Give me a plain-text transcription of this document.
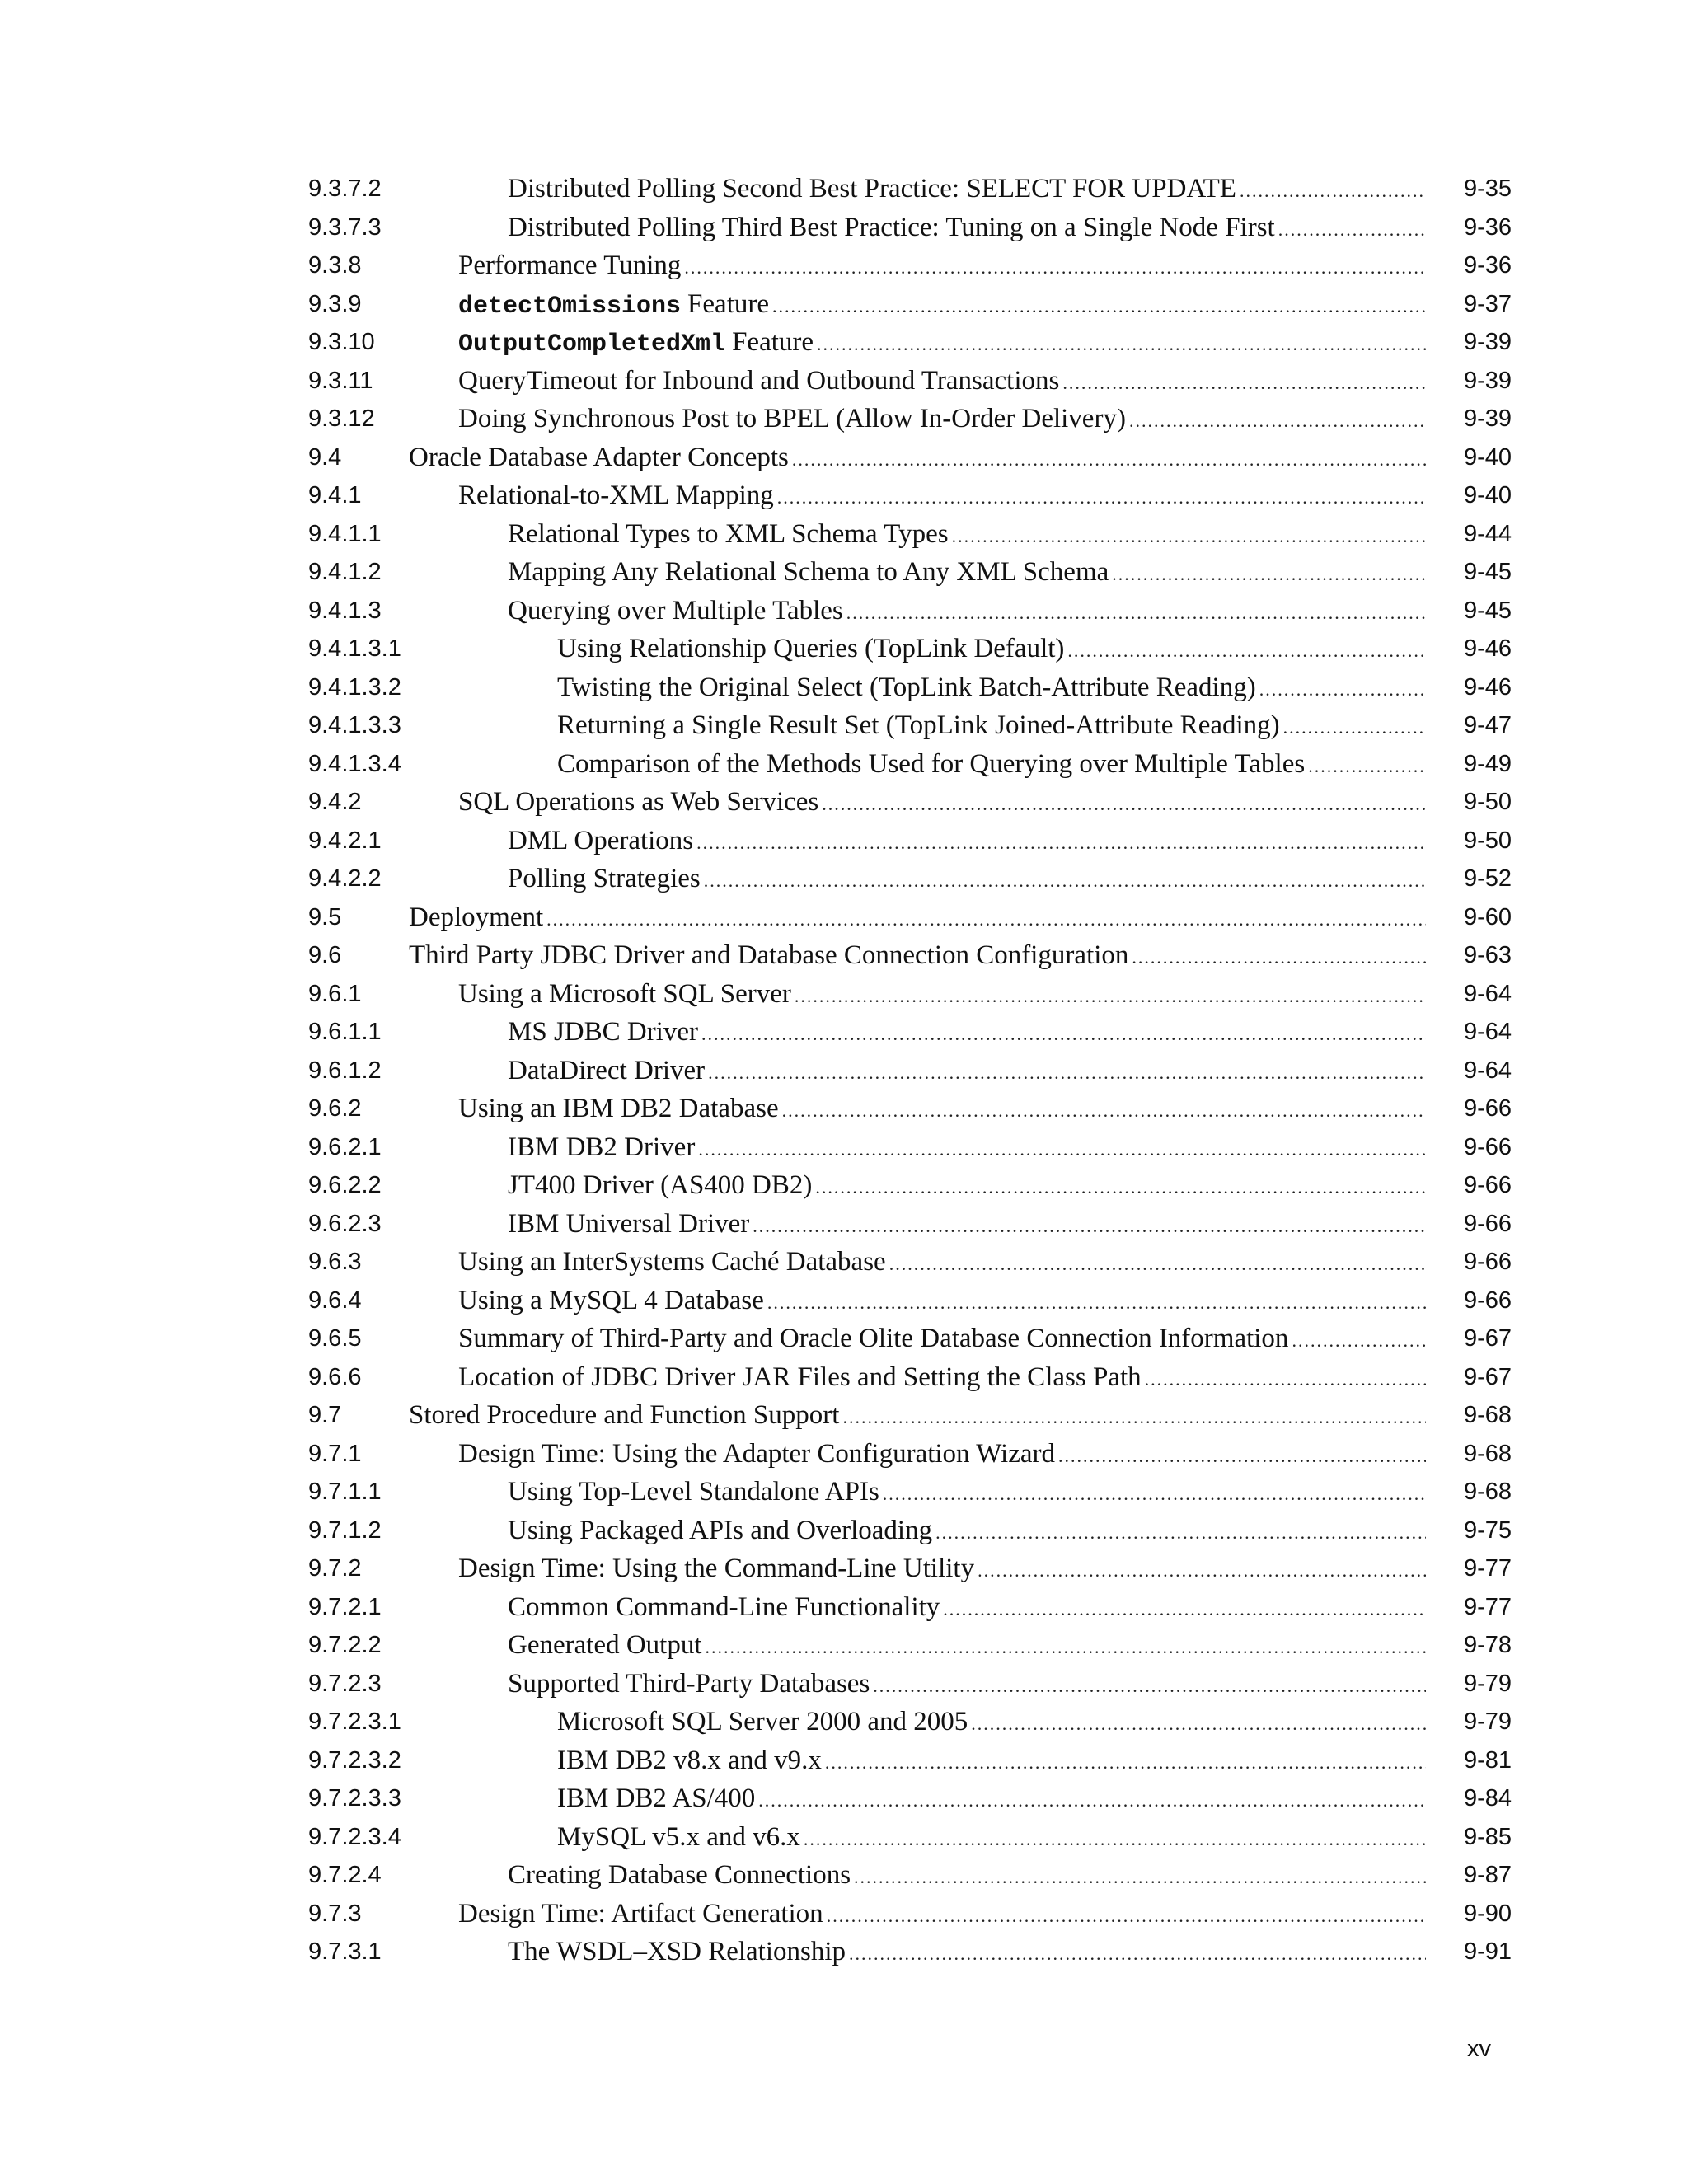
9.3.7.2	Distributed Polling Second Best Practice: SELECT FOR UPDATE .....	9-35
9.3.7.3	Distributed Polling Third Best Practice: Tuning on a Single Node First .....	9-36
9.3.8	Performance Tuning .....	9-36
9.3.9	detectOmissions Feature .....	9-37
9.3.10	OutputCompletedXml Feature .....	9-39
9.3.11	QueryTimeout for Inbound and Outbound Transactions .....	9-39
9.3.12	Doing Synchronous Post to BPEL (Allow In-Order Delivery) .....	9-39
9.4 Oracle Database Adapter Concepts .....	9-40
9.4.1	Relational-to-XML Mapping .....	9-40
9.4.1.1	Relational Types to XML Schema Types .....	9-44
9.4.1.2	Mapping Any Relational Schema to Any XML Schema .....	9-45
9.4.1.3	Querying over Multiple Tables .....	9-45
9.4.1.3.1	Using Relationship Queries (TopLink Default) .....	9-46
9.4.1.3.2	Twisting the Original Select (TopLink Batch-Attribute Reading) .....	9-46
9.4.1.3.3	Returning a Single Result Set (TopLink Joined-Attribute Reading) .....	9-47
9.4.1.3.4	Comparison of the Methods Used for Querying over Multiple Tables .....	9-49
9.4.2	SQL Operations as Web Services .....	9-50
9.4.2.1	DML Operations .....	9-50
9.4.2.2	Polling Strategies .....	9-52
9.5 Deployment .....	9-60
9.6 Third Party JDBC Driver and Database Connection Configuration .....	9-63
9.6.1	Using a Microsoft SQL Server .....	9-64
9.6.1.1	MS JDBC Driver .....	9-64
9.6.1.2	DataDirect Driver .....	9-64
9.6.2	Using an IBM DB2 Database .....	9-66
9.6.2.1	IBM DB2 Driver .....	9-66
9.6.2.2	JT400 Driver (AS400 DB2) .....	9-66
9.6.2.3	IBM Universal Driver .....	9-66
9.6.3	Using an InterSystems Caché Database .....	9-66
9.6.4	Using a MySQL 4 Database .....	9-66
9.6.5	Summary of Third-Party and Oracle Olite Database Connection Information .....	9-67
9.6.6	Location of JDBC Driver JAR Files and Setting the Class Path .....	9-67
9.7 Stored Procedure and Function Support .....	9-68
9.7.1	Design Time: Using the Adapter Configuration Wizard .....	9-68
9.7.1.1	Using Top-Level Standalone APIs .....	9-68
9.7.1.2	Using Packaged APIs and Overloading .....	9-75
9.7.2	Design Time: Using the Command-Line Utility .....	9-77
9.7.2.1	Common Command-Line Functionality .....	9-77
9.7.2.2	Generated Output .....	9-78
9.7.2.3	Supported Third-Party Databases .....	9-79
9.7.2.3.1	Microsoft SQL Server 2000 and 2005 .....	9-79
9.7.2.3.2	IBM DB2 v8.x and v9.x .....	9-81
9.7.2.3.3	IBM DB2 AS/400 .....	9-84
9.7.2.3.4	MySQL v5.x and v6.x .....	9-85
9.7.2.4	Creating Database Connections .....	9-87
9.7.3	Design Time: Artifact Generation .....	9-90
9.7.3.1	The WSDL–XSD Relationship .....	9-91
xv
